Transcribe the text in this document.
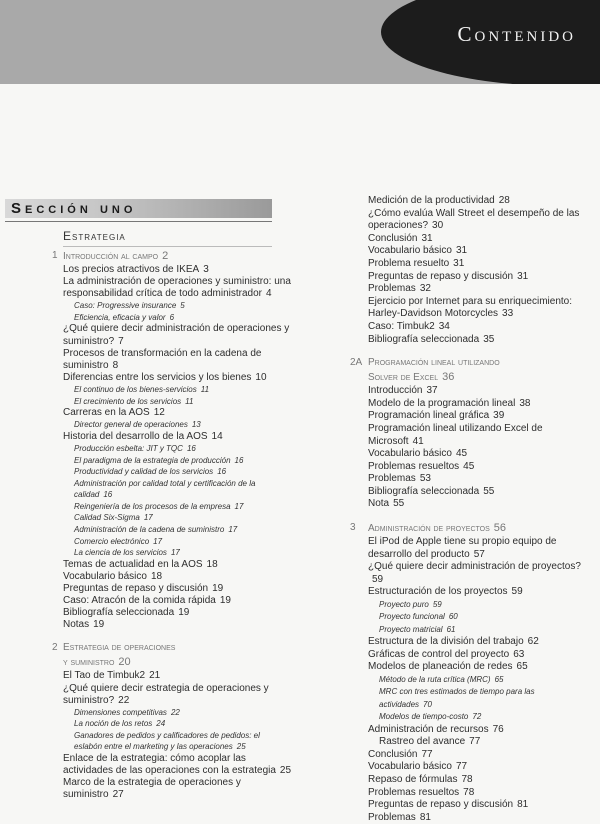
Contenido
Sección uno
Estrategia
1 Introducción al campo 2
Los precios atractivos de IKEA 3
La administración de operaciones y suministro: una
responsabilidad crítica de todo administrador 4
Caso: Progressive insurance 5
Eficiencia, eficacia y valor 6
¿Qué quiere decir administración de operaciones y
suministro? 7
Procesos de transformación en la cadena de
suministro 8
Diferencias entre los servicios y los bienes 10
El continuo de los bienes-servicios 11
El crecimiento de los servicios 11
Carreras en la AOS 12
Director general de operaciones 13
Historia del desarrollo de la AOS 14
Producción esbelta: JIT y TQC 16
El paradigma de la estrategia de producción 16
Productividad y calidad de los servicios 16
Administración por calidad total y certificación de la
calidad 16
Reingeniería de los procesos de la empresa 17
Calidad Six-Sigma 17
Administración de la cadena de suministro 17
Comercio electrónico 17
La ciencia de los servicios 17
Temas de actualidad en la AOS 18
Vocabulario básico 18
Preguntas de repaso y discusión 19
Caso: Atracón de la comida rápida 19
Bibliografía seleccionada 19
Notas 19
2 Estrategia de operaciones
y suministro 20
El Tao de Timbuk2 21
¿Qué quiere decir estrategia de operaciones y
suministro? 22
Dimensiones competitivas 22
La noción de los retos 24
Ganadores de pedidos y calificadores de pedidos: el
eslabón entre el marketing y las operaciones 25
Enlace de la estrategia: cómo acoplar las
actividades de las operaciones con la estrategia 25
Marco de la estrategia de operaciones y
suministro 27
Medición de la productividad 28
¿Cómo evalúa Wall Street el desempeño de las
operaciones? 30
Conclusión 31
Vocabulario básico 31
Problema resuelto 31
Preguntas de repaso y discusión 31
Problemas 32
Ejercicio por Internet para su enriquecimiento:
Harley-Davidson Motorcycles 33
Caso: Timbuk2 34
Bibliografía seleccionada 35
2A Programación lineal utilizando
Solver de Excel 36
Introducción 37
Modelo de la programación lineal 38
Programación lineal gráfica 39
Programación lineal utilizando Excel de
Microsoft 41
Vocabulario básico 45
Problemas resueltos 45
Problemas 53
Bibliografía seleccionada 55
Nota 55
3 Administración de proyectos 56
El iPod de Apple tiene su propio equipo de
desarrollo del producto 57
¿Qué quiere decir administración de proyectos?59
Estructuración de los proyectos 59
Proyecto puro 59
Proyecto funcional 60
Proyecto matricial 61
Estructura de la división del trabajo 62
Gráficas de control del proyecto 63
Modelos de planeación de redes 65
Método de la ruta crítica (MRC) 65
MRC con tres estimados de tiempo para las
actividades 70
Modelos de tiempo-costo 72
Administración de recursos 76
Rastreo del avance 77
Conclusión 77
Vocabulario básico 77
Repaso de fórmulas 78
Problemas resueltos 78
Preguntas de repaso y discusión 81
Problemas 81
